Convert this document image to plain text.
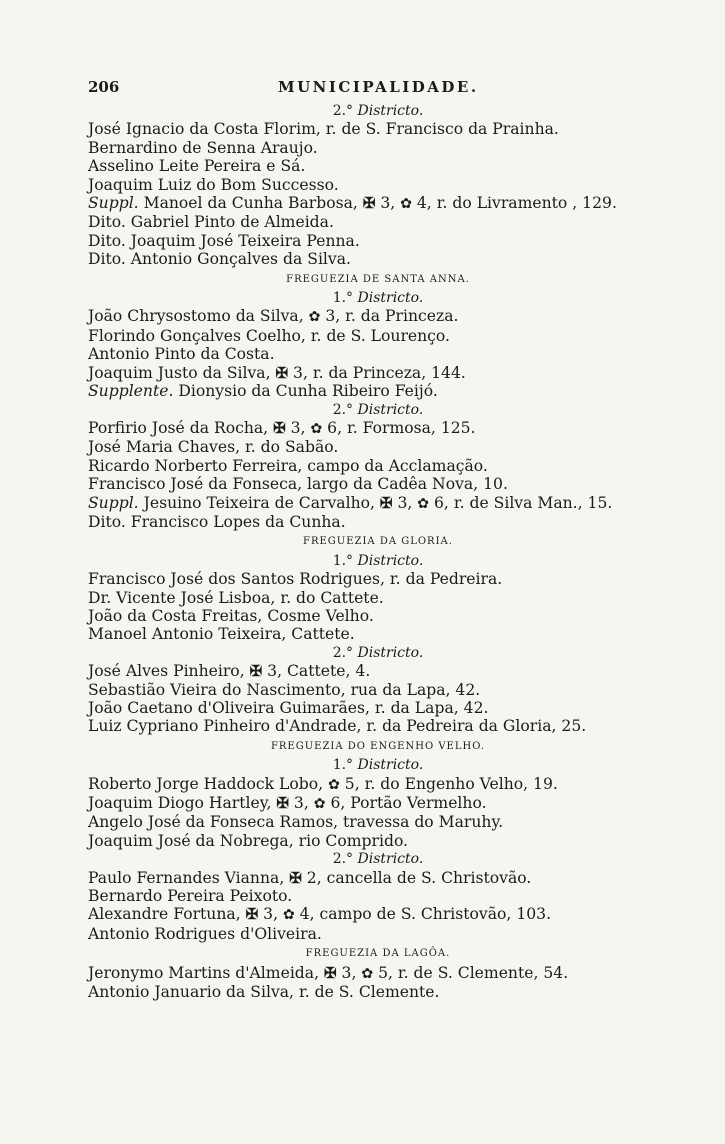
206	MUNICIPALIDADE.
2.° Districto.
José Ignacio da Costa Florim, r. de S. Francisco da Prainha.
Bernardino de Senna Araujo.
Asselino Leite Pereira e Sá.
Joaquim Luiz do Bom Successo.
Suppl. Manoel da Cunha Barbosa, ✠ 3, ✿ 4, r. do Livramento , 129.
Dito. Gabriel Pinto de Almeida.
Dito. Joaquim José Teixeira Penna.
Dito. Antonio Gonçalves da Silva.
FREGUEZIA DE SANTA ANNA.
1.° Districto.
João Chrysostomo da Silva, ✿ 3, r. da Princeza.
Florindo Gonçalves Coelho, r. de S. Lourenço.
Antonio Pinto da Costa.
Joaquim Justo da Silva, ✠ 3, r. da Princeza, 144.
Supplente. Dionysio da Cunha Ribeiro Feijó.
2.° Districto.
Porfirio José da Rocha, ✠ 3, ✿ 6, r. Formosa, 125.
José Maria Chaves, r. do Sabão.
Ricardo Norberto Ferreira, campo da Acclamação.
Francisco José da Fonseca, largo da Cadêa Nova, 10.
Suppl. Jesuino Teixeira de Carvalho, ✠ 3, ✿ 6, r. de Silva Man., 15.
Dito. Francisco Lopes da Cunha.
FREGUEZIA DA GLORIA.
1.° Districto.
Francisco José dos Santos Rodrigues, r. da Pedreira.
Dr. Vicente José Lisboa, r. do Cattete.
João da Costa Freitas, Cosme Velho.
Manoel Antonio Teixeira, Cattete.
2.° Districto.
José Alves Pinheiro, ✠ 3, Cattete, 4.
Sebastião Vieira do Nascimento, rua da Lapa, 42.
João Caetano d'Oliveira Guimarães, r. da Lapa, 42.
Luiz Cypriano Pinheiro d'Andrade, r. da Pedreira da Gloria, 25.
FREGUEZIA DO ENGENHO VELHO.
1.° Districto.
Roberto Jorge Haddock Lobo, ✿ 5, r. do Engenho Velho, 19.
Joaquim Diogo Hartley, ✠ 3, ✿ 6, Portão Vermelho.
Angelo José da Fonseca Ramos, travessa do Maruhy.
Joaquim José da Nobrega, rio Comprido.
2.° Districto.
Paulo Fernandes Vianna, ✠ 2, cancella de S. Christovão.
Bernardo Pereira Peixoto.
Alexandre Fortuna, ✠ 3, ✿ 4, campo de S. Christovão, 103.
Antonio Rodrigues d'Oliveira.
FREGUEZIA DA LAGÔA.
Jeronymo Martins d'Almeida, ✠ 3, ✿ 5, r. de S. Clemente, 54.
Antonio Januario da Silva, r. de S. Clemente.
